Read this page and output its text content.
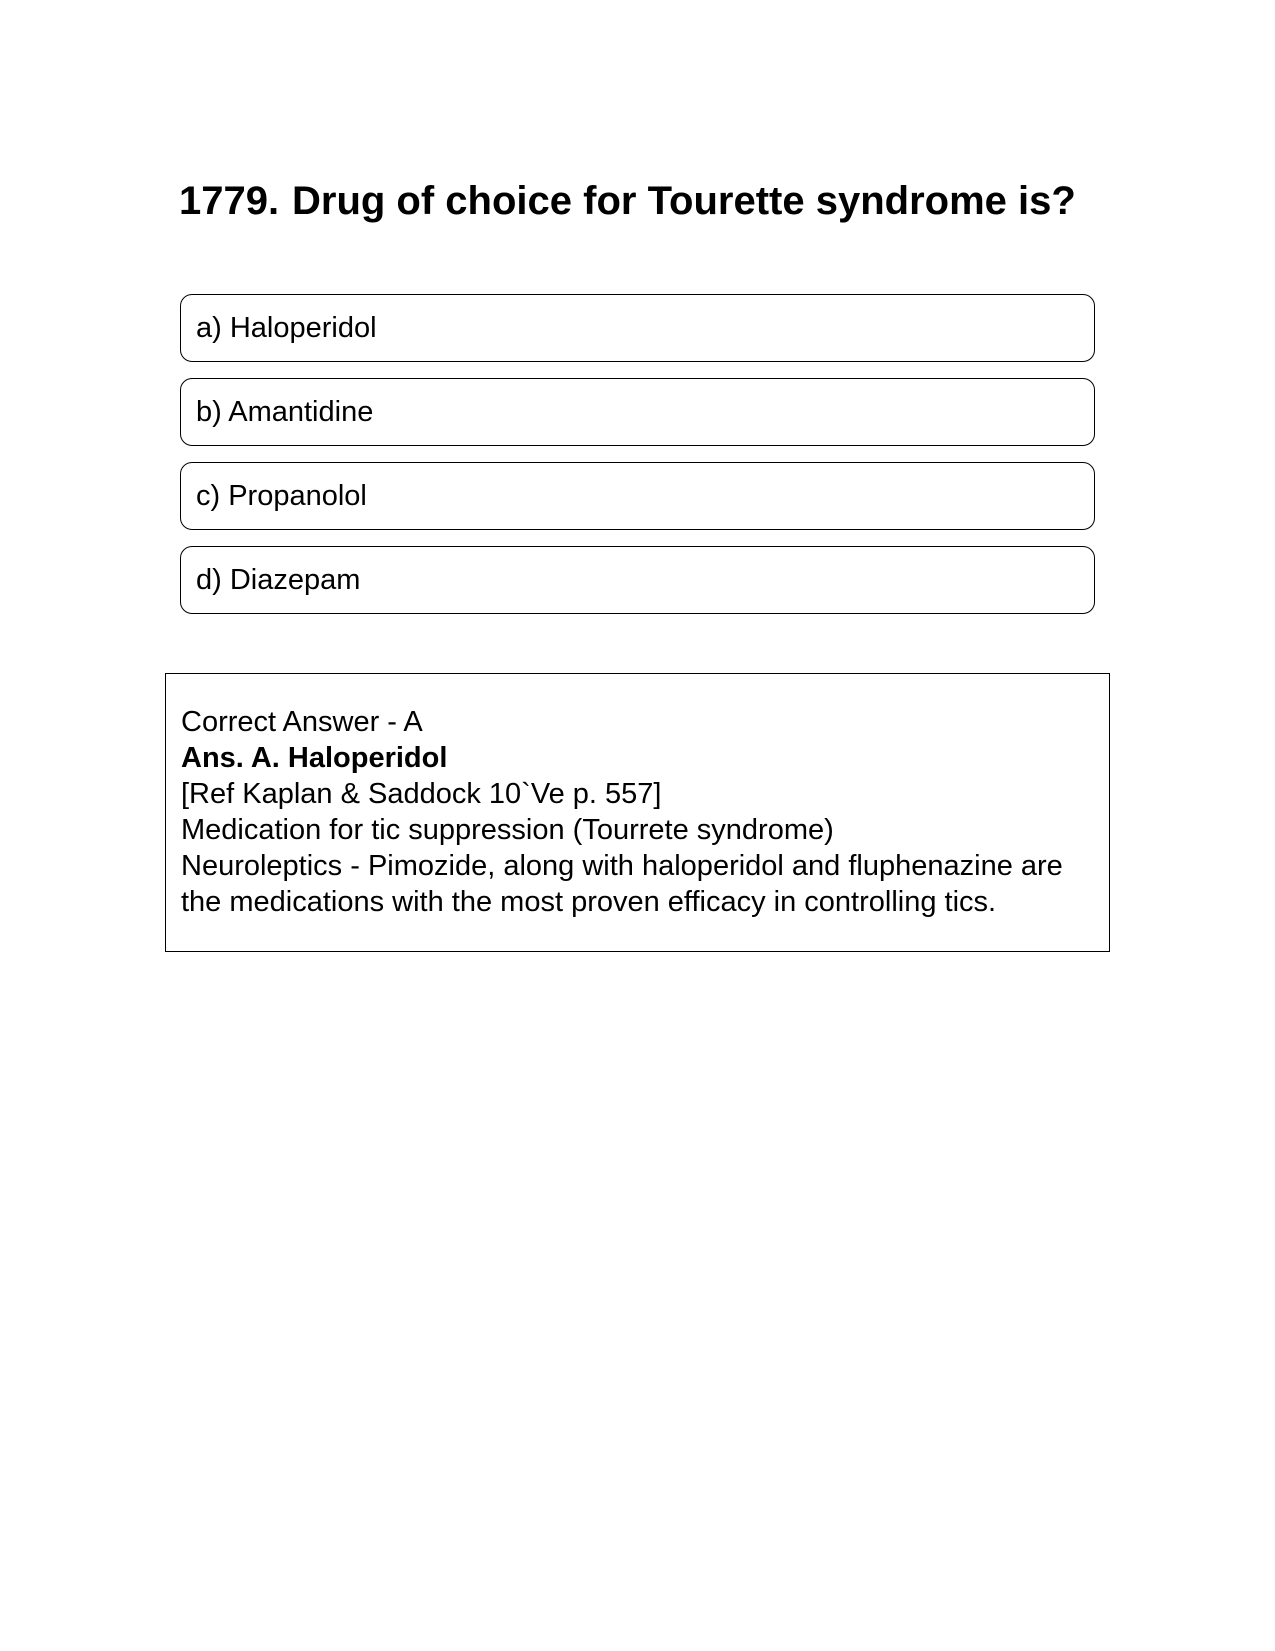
1779. Drug of choice for Tourette syndrome is?
a) Haloperidol
b) Amantidine
c) Propanolol
d) Diazepam
Correct Answer - A
Ans. A. Haloperidol
[Ref Kaplan & Saddock 10`Ve p. 557]
Medication for tic suppression (Tourrete syndrome)
Neuroleptics - Pimozide, along with haloperidol and fluphenazine are the medications with the most proven efficacy in controlling tics.
